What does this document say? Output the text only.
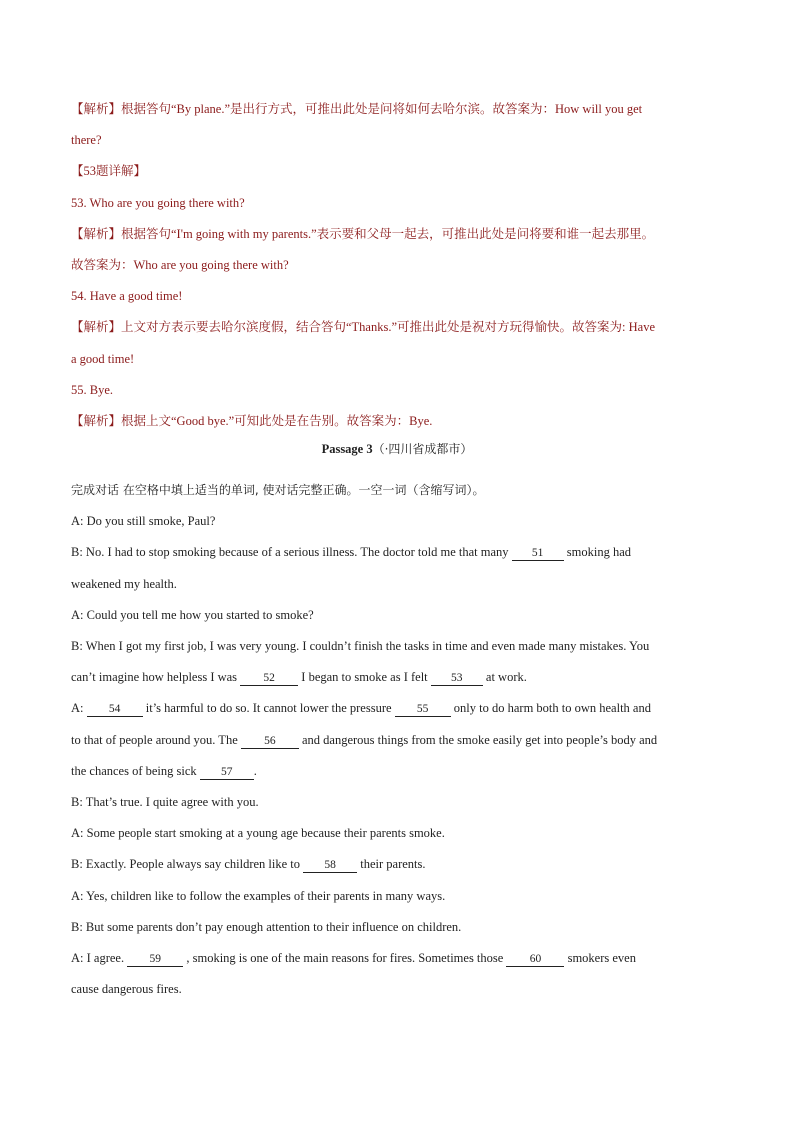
【解析】根据答句“By plane.”是出行方式，可推出此处是问将如何去哈尔滨。故答案为：How will you get
there?
【53题详解】
53. Who are you going there with?
【解析】根据答句“I'm going with my parents.”表示要和父母一起去，可推出此处是问将要和谁一起去那里。
故答案为：Who are you going there with?
54. Have a good time!
【解析】上文对方表示要去哈尔滨度假，结合答句“Thanks.”可推出此处是祝对方玩得愉快。故答案为: Have
a good time!
55. Bye.
【解析】根据上文“Good bye.”可知此处是在告别。故答案为：Bye.
Passage 3（·四川省成都市）
完成对话 在空格中填上适当的单词, 使对话完整正确。一空一词（含缩写词）。
A: Do you still smoke, Paul?
B: No. I had to stop smoking because of a serious illness. The doctor told me that many 51 smoking had
weakened my health.
A: Could you tell me how you started to smoke?
B: When I got my first job, I was very young. I couldn’t finish the tasks in time and even made many mistakes. You
can’t imagine how helpless I was 52 I began to smoke as I felt 53 at work.
A: 54 it’s harmful to do so. It cannot lower the pressure 55 only to do harm both to own health and
to that of people around you. The 56 and dangerous things from the smoke easily get into people’s body and
the chances of being sick 57 .
B: That’s true. I quite agree with you.
A: Some people start smoking at a young age because their parents smoke.
B: Exactly. People always say children like to 58 their parents.
A: Yes, children like to follow the examples of their parents in many ways.
B: But some parents don’t pay enough attention to their influence on children.
A: I agree. 59 , smoking is one of the main reasons for fires. Sometimes those 60 smokers even
cause dangerous fires.
